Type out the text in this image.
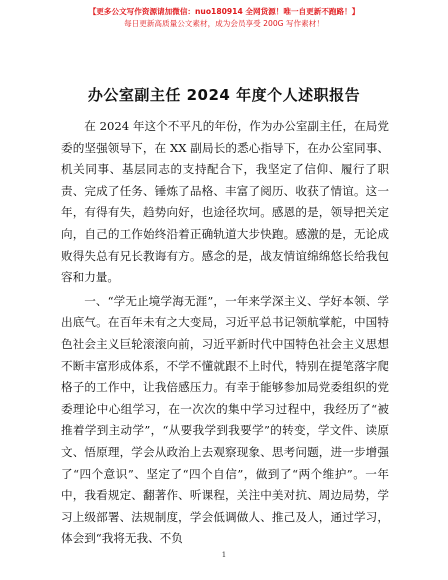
【更多公文写作资源请加微信：nuo180914 全网货源！唯一自更新不跑路！】
每日更新高质量公文素材，成为会员享受 200G 写作素材！
办公室副主任 2024 年度个人述职报告

在 2024 年这个不平凡的年份，作为办公室副主任，在局党委的坚强领导下，在 XX 副局长的悉心指导下，在办公室同事、机关同事、基层同志的支持配合下，我坚定了信仰、履行了职责、完成了任务、锤炼了品格、丰富了阅历、收获了情谊。这一年，有得有失，趋势向好，也途径坎坷。感恩的是，领导把关定向，自己的工作始终沿着正确轨道大步快跑。感激的是，无论成败得失总有兄长教诲有方。感念的是，战友情谊绵绵悠长给我包容和力量。

一、“学无止境学海无涯”，一年来学深主义、学好本领、学出底气。在百年未有之大变局，习近平总书记领航掌舵，中国特色社会主义巨轮滚滚向前，习近平新时代中国特色社会主义思想不断丰富形成体系，不学不懂就跟不上时代，特别在提笔落字爬格子的工作中，让我倍感压力。有幸于能够参加局党委组织的党委理论中心组学习，在一次次的集中学习过程中，我经历了“被推着学到主动学”，“从要我学到我要学”的转变，学文件、读原文、悟原理，学会从政治上去观察现象、思考问题，进一步增强了“四个意识”、坚定了“四个自信”，做到了“两个维护”。一年中，我看规定、翻著作、听课程，关注中美对抗、周边局势，学习上级部署、法规制度，学会低调做人、推己及人，通过学习，体会到“我将无我、不负

1
